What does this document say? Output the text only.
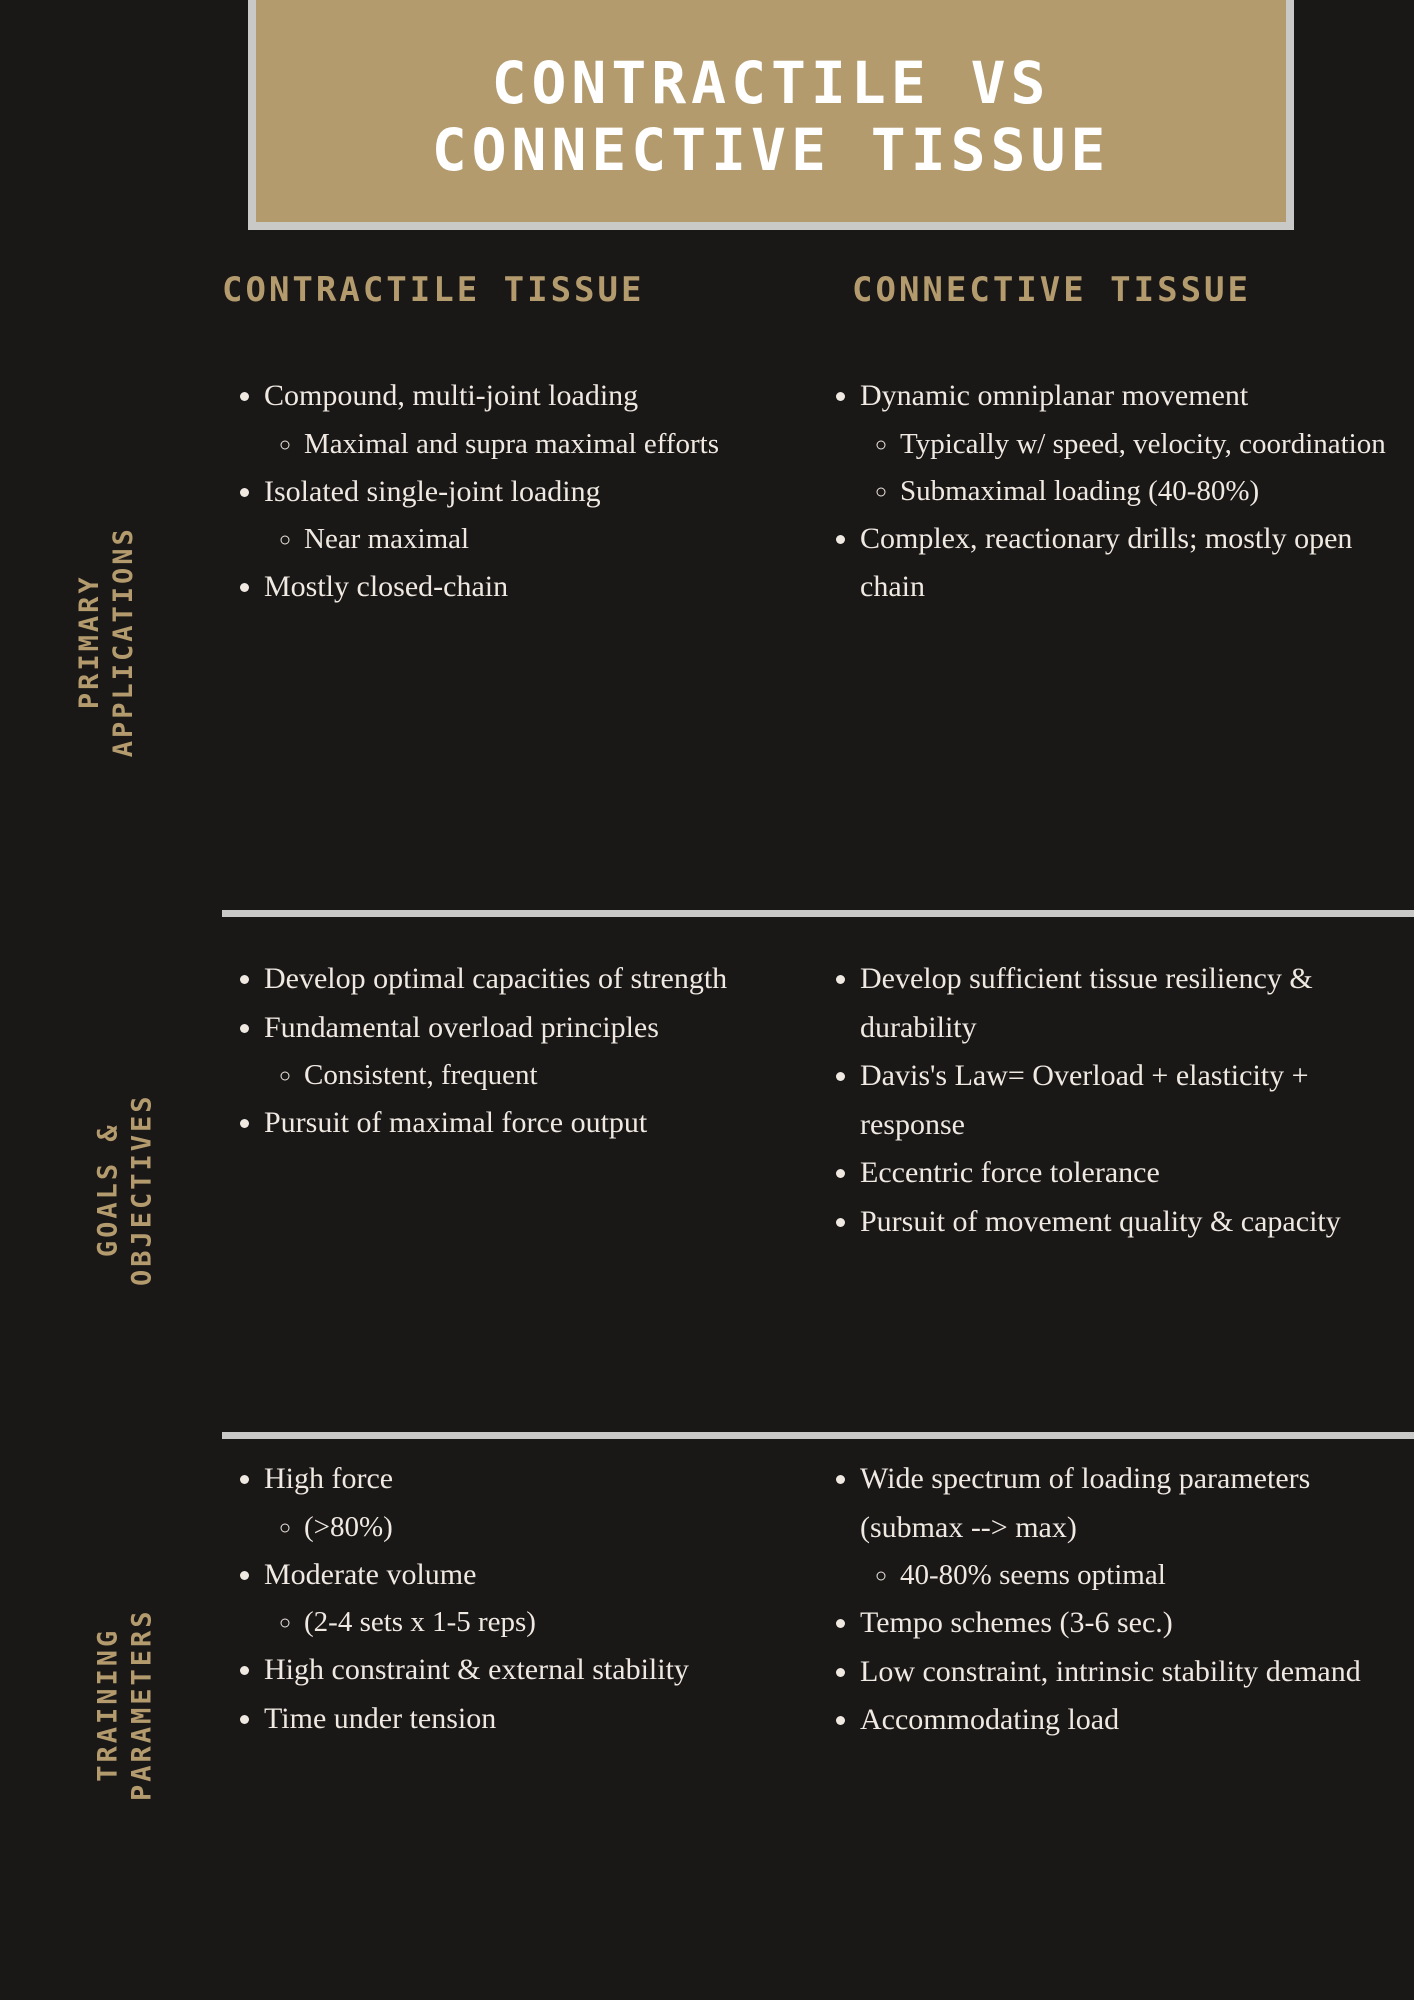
CONTRACTILE VS
CONNECTIVE TISSUE
CONTRACTILE TISSUE	CONNECTIVE TISSUE
PRIMARY APPLICATIONS
• Compound, multi-joint loading
◦ Maximal and supra maximal efforts
• Isolated single-joint loading
◦ Near maximal
• Mostly closed-chain
• Dynamic omniplanar movement
◦ Typically w/ speed, velocity, coordination
◦ Submaximal loading (40-80%)
• Complex, reactionary drills; mostly open chain
GOALS & OBJECTIVES
• Develop optimal capacities of strength
• Fundamental overload principles
◦ Consistent, frequent
• Pursuit of maximal force output
• Develop sufficient tissue resiliency & durability
• Davis's Law= Overload + elasticity + response
• Eccentric force tolerance
• Pursuit of movement quality & capacity
TRAINING PARAMETERS
• High force
◦ (>80%)
• Moderate volume
◦ (2-4 sets x 1-5 reps)
• High constraint & external stability
• Time under tension
• Wide spectrum of loading parameters (submax --> max)
◦ 40-80% seems optimal
• Tempo schemes (3-6 sec.)
• Low constraint, intrinsic stability demand
• Accommodating load
